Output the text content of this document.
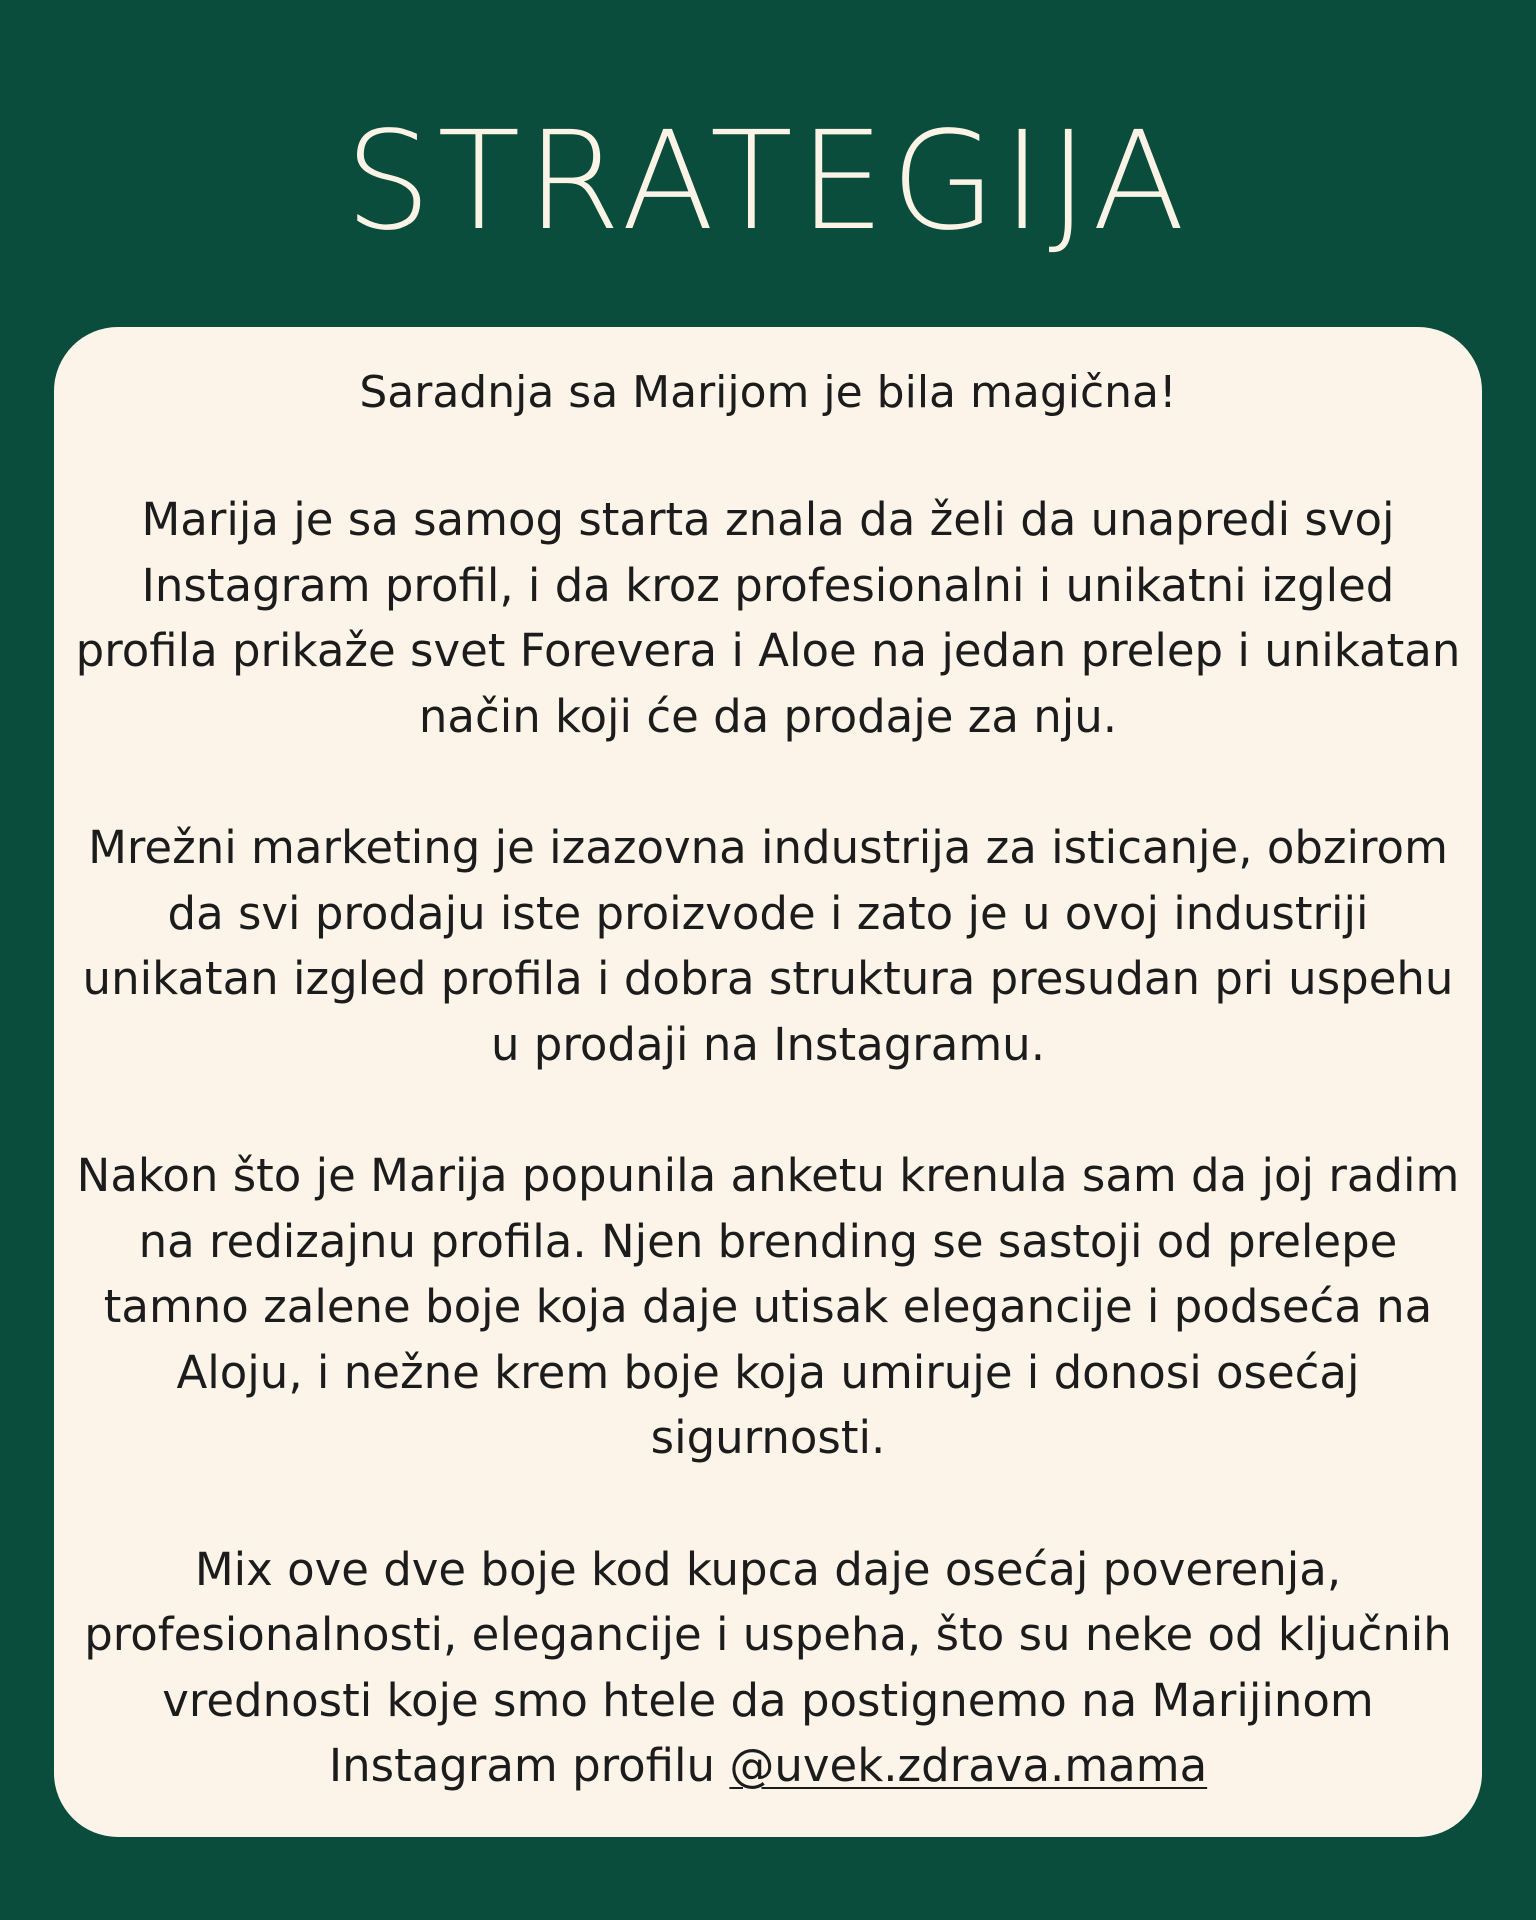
STRATEGIJA

Saradnja sa Marijom je bila magična!

Marija je sa samog starta znala da želi da unapredi svoj Instagram profil, i da kroz profesionalni i unikatni izgled profila prikaže svet Forevera i Aloe na jedan prelep i unikatan način koji će da prodaje za nju.

Mrežni marketing je izazovna industrija za isticanje, obzirom da svi prodaju iste proizvode i zato je u ovoj industriji unikatan izgled profila i dobra struktura presudan pri uspehu u prodaji na Instagramu.

Nakon što je Marija popunila anketu krenula sam da joj radim na redizajnu profila. Njen brending se sastoji od prelepe tamno zalene boje koja daje utisak elegancije i podseća na Aloju, i nežne krem boje koja umiruje i donosi osećaj sigurnosti.

Mix ove dve boje kod kupca daje osećaj poverenja, profesionalnosti, elegancije i uspeha, što su neke od ključnih vrednosti koje smo htele da postignemo na Marijinom Instagram profilu @uvek.zdrava.mama
